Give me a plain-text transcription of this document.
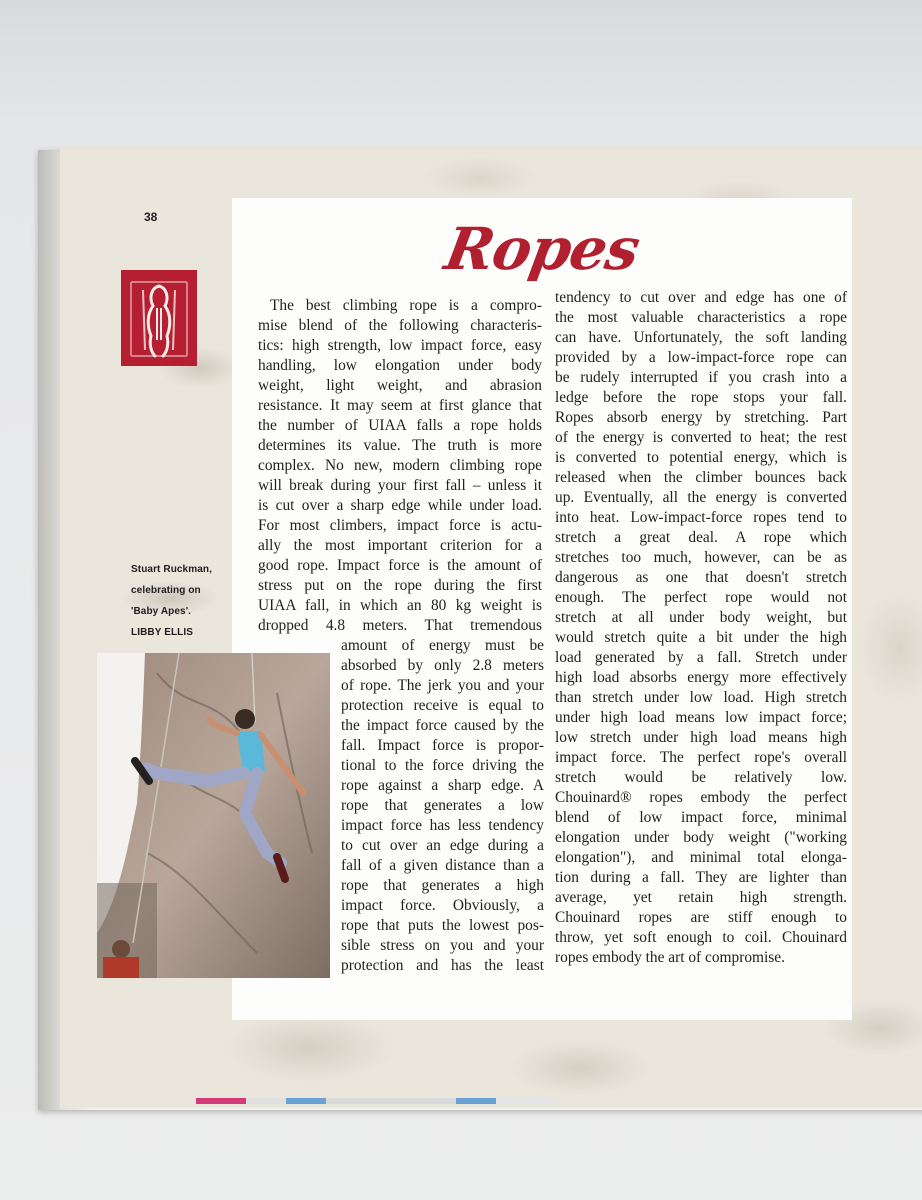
38
Stuart Ruckman,
celebrating on
'Baby Apes'.
LIBBY ELLIS
Ropes
The best climbing rope is a compro-
mise blend of the following characteris-
tics: high strength, low impact force, easy
handling, low elongation under body
weight, light weight, and abrasion
resistance. It may seem at first glance that
the number of UIAA falls a rope holds
determines its value. The truth is more
complex. No new, modern climbing rope
will break during your first fall – unless it
is cut over a sharp edge while under load.
For most climbers, impact force is actu-
ally the most important criterion for a
good rope. Impact force is the amount of
stress put on the rope during the first
UIAA fall, in which an 80 kg weight is
dropped 4.8 meters. That tremendous
amount of energy must be
absorbed by only 2.8 meters
of rope. The jerk you and your
protection receive is equal to
the impact force caused by the
fall. Impact force is propor-
tional to the force driving the
rope against a sharp edge. A
rope that generates a low
impact force has less tendency
to cut over an edge during a
fall of a given distance than a
rope that generates a high
impact force. Obviously, a
rope that puts the lowest pos-
sible stress on you and your
protection and has the least
tendency to cut over and edge has one of
the most valuable characteristics a rope
can have. Unfortunately, the soft landing
provided by a low-impact-force rope can
be rudely interrupted if you crash into a
ledge before the rope stops your fall.
Ropes absorb energy by stretching. Part
of the energy is converted to heat; the rest
is converted to potential energy, which is
released when the climber bounces back
up. Eventually, all the energy is converted
into heat. Low-impact-force ropes tend to
stretch a great deal. A rope which
stretches too much, however, can be as
dangerous as one that doesn't stretch
enough. The perfect rope would not
stretch at all under body weight, but
would stretch quite a bit under the high
load generated by a fall. Stretch under
high load absorbs energy more effectively
than stretch under low load. High stretch
under high load means low impact force;
low stretch under high load means high
impact force. The perfect rope's overall
stretch would be relatively low.
Chouinard® ropes embody the perfect
blend of low impact force, minimal
elongation under body weight ("working
elongation"), and minimal total elonga-
tion during a fall. They are lighter than
average, yet retain high strength.
Chouinard ropes are stiff enough to
throw, yet soft enough to coil. Chouinard
ropes embody the art of compromise.
